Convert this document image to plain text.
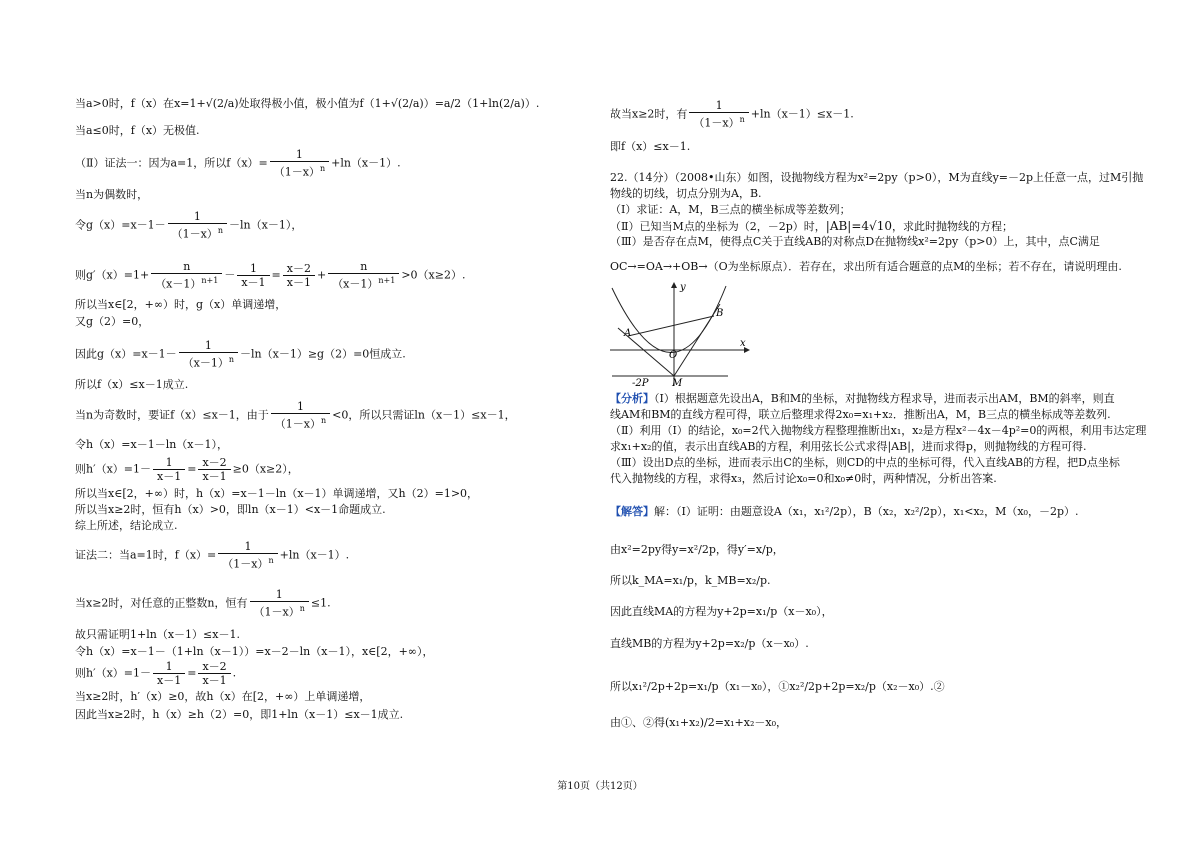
当a>0时，f（x）在x=1+√(2/a)处取得极小值，极小值为f（1+√(2/a)）=a/2（1+ln(2/a)）.
当a≤0时，f（x）无极值.
（Ⅱ）证法一：因为a=1，所以$f(x)= \frac{1}{(1-x)^n} +\ln(x-1)$.
当n为偶数时，
令$g(x)=x-1- \frac{1}{(1-x)^n} -\ln(x-1)$，
则$g'(x)=1+ \frac{n}{(x-1)^{n+1}} - \frac{1}{x-1} = \frac{x-2}{x-1} + \frac{n}{(x-1)^{n+1}} >0(x\ge 2)$.
所以当x∈[2，+∞）时，g（x）单调递增，
又g（2）=0，
因此$g(x)=x-1- \frac{1}{(x-1)^n} -\ln(x-1)\ge g(2)=0$恒成立.
所以f（x）≤x－1成立.
当n为奇数时，要证f（x）≤x－1，由于 $\frac{1}{(1-x)^n} <0$，所以只需证ln（x－1）≤x－1，
令h（x）=x－1－ln（x－1），
则$h'(x)=1- \frac{1}{x-1} = \frac{x-2}{x-1} \ge 0(x\ge 2)$，
所以当x∈[2，+∞）时，h（x）=x－1－ln（x－1）单调递增，又h（2）=1>0，
所以当x≥2时，恒有h（x）>0，即ln（x－1）<x－1命题成立.
综上所述，结论成立.
证法二：当a=1时，$f(x)= \frac{1}{(1-x)^n} +\ln(x-1)$.
当x≥2时，对任意的正整数n，恒有 $\frac{1}{(1-x)^n} \le 1$.
故只需证明1+ln（x－1）≤x－1.
令h（x）=x－1－（1+ln（x－1））=x－2－ln（x－1），x∈[2，+∞），
则$h'(x)=1- \frac{1}{x-1} = \frac{x-2}{x-1}$ .
当x≥2时，h′（x）≥0，故h（x）在[2，+∞）上单调递增，
因此当x≥2时，h（x）≥h（2）=0，即1+ln（x－1）≤x－1成立.
故当x≥2时，有 $\frac{1}{(1-x)^n} +\ln(x-1)\le x-1$.
即f（x）≤x－1.
22.（14分）（2008•山东）如图，设抛物线方程为x²=2py（p>0），M为直线y=－2p上任意一点，过M引抛
物线的切线，切点分别为A，B.
（Ⅰ）求证：A，M，B三点的横坐标成等差数列；
（Ⅱ）已知当M点的坐标为（2，－2p）时，|AB|=4√10，求此时抛物线的方程；
（Ⅲ）是否存在点M，使得点C关于直线AB的对称点D在抛物线x²=2py（p>0）上，其中，点C满足
OC→=OA→+OB→（O为坐标原点）．若存在，求出所有适合题意的点M的坐标；若不存在，请说明理由.
y
x
A
B
O
M
-2P
【分析】（Ⅰ）根据题意先设出A，B和M的坐标，对抛物线方程求导，进而表示出AM，BM的斜率，则直
线AM和BM的直线方程可得，联立后整理求得2x₀=x₁+x₂．推断出A，M，B三点的横坐标成等差数列.
（Ⅱ）利用（Ⅰ）的结论，x₀=2代入抛物线方程整理推断出x₁，x₂是方程x²－4x－4p²=0的两根，利用韦达定理
求x₁+x₂的值，表示出直线AB的方程，利用弦长公式求得|AB|，进而求得p，则抛物线的方程可得.
（Ⅲ）设出D点的坐标，进而表示出C的坐标，则CD的中点的坐标可得，代入直线AB的方程，把D点坐标
代入抛物线的方程，求得x₃，然后讨论x₀=0和x₀≠0时，两种情况，分析出答案.
【解答】解：（Ⅰ）证明：由题意设A（x₁，x₁²/2p），B（x₂，x₂²/2p），x₁<x₂，M（x₀，－2p）.
由x²=2py得y=x²/2p，得y′=x/p，
所以k_MA=x₁/p，k_MB=x₂/p.
因此直线MA的方程为y+2p=x₁/p（x－x₀），
直线MB的方程为y+2p=x₂/p（x－x₀）.
所以x₁²/2p+2p=x₁/p（x₁－x₀），①x₂²/2p+2p=x₂/p（x₂－x₀）.②
由①、②得(x₁+x₂)/2=x₁+x₂－x₀，
第10页（共12页）
